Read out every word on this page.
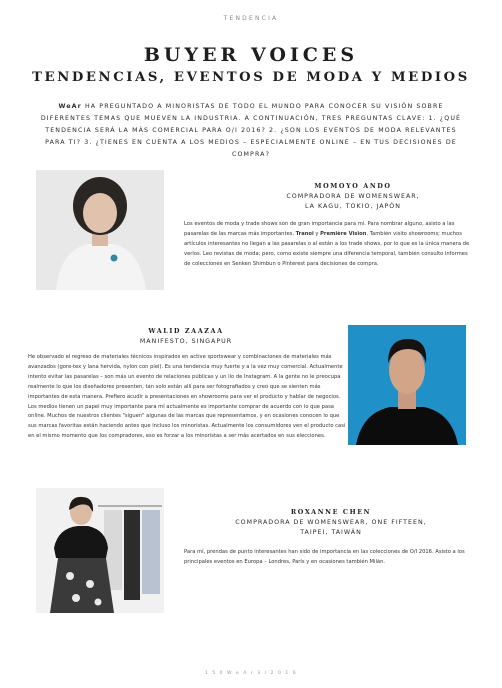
TENDENCIA
BUYER VOICES
TENDENCIAS, EVENTOS DE MODA Y MEDIOS
WeAr HA PREGUNTADO A MINORISTAS DE TODO EL MUNDO PARA CONOCER SU VISIÓN SOBRE DIFERENTES TEMAS QUE MUEVEN LA INDUSTRIA. A CONTINUACIÓN, TRES PREGUNTAS CLAVE: 1. ¿QUÉ TENDENCIA SERÁ LA MÁS COMERCIAL PARA O/I 2016? 2. ¿SON LOS EVENTOS DE MODA RELEVANTES PARA TI? 3. ¿TIENES EN CUENTA A LOS MEDIOS – ESPECIALMENTE ONLINE – EN TUS DECISIONES DE COMPRA?
MOMOYO ANDO
COMPRADORA DE WOMENSWEAR,
LA KAGU, TOKIO, JAPÓN
Los eventos de moda y trade shows son de gran importancia para mí. Para nombrar alguno, asisto a las pasarelas de las marcas más importantes, Tranoi y Première Vision. También visito showrooms; muchos artículos interesantes no llegan a las pasarelas o al están a los trade shows, por lo que es la única manera de verlos. Leo revistas de moda; pero, como existe siempre una diferencia temporal, también consulto informes de colecciones en Senken Shimbun o Pinterest para decisiones de compra.
WALID ZAAZAA
MANIFESTO, SINGAPUR
He observado el regreso de materiales técnicos inspirados en active sportswear y combinaciones de materiales más avanzados (gore-tex y lana hervida, nylon con piel). Es una tendencia muy fuerte y a la vez muy comercial. Actualmente intento evitar las pasarelas – son más un evento de relaciones públicas y un lío de Instagram. A la gente no le preocupa realmente lo que los diseñadores presenten, tan solo están allí para ser fotografiados y creo que se sienten más importantes de esta manera. Prefiero acudir a presentaciones en showrooms para ver el producto y hablar de negocios. Los medios tienen un papel muy importante para mí actualmente es importante comprar de acuerdo con lo que pasa online. Muchos de nuestros clientes "siguen" algunas de las marcas que representamos, y en ocasiones conocen lo que sus marcas favoritas están haciendo antes que incluso los minoristas. Actualmente los consumidores ven el producto casi en el mismo momento que los compradores, eso es forzar a los minoristas a ser más acertados en sus elecciones.
ROXANNE CHEN
COMPRADORA DE WOMENSWEAR, ONE FIFTEEN,
TAIPEI, TAIWÁN
Para mí, prendas de punto interesantes han sido de importancia en las colecciones de O/I 2016. Asisto a los principales eventos en Europa – Londres, París y en ocasiones también Milán.
1 5 0 W e A r 3 / 2 0 1 6
